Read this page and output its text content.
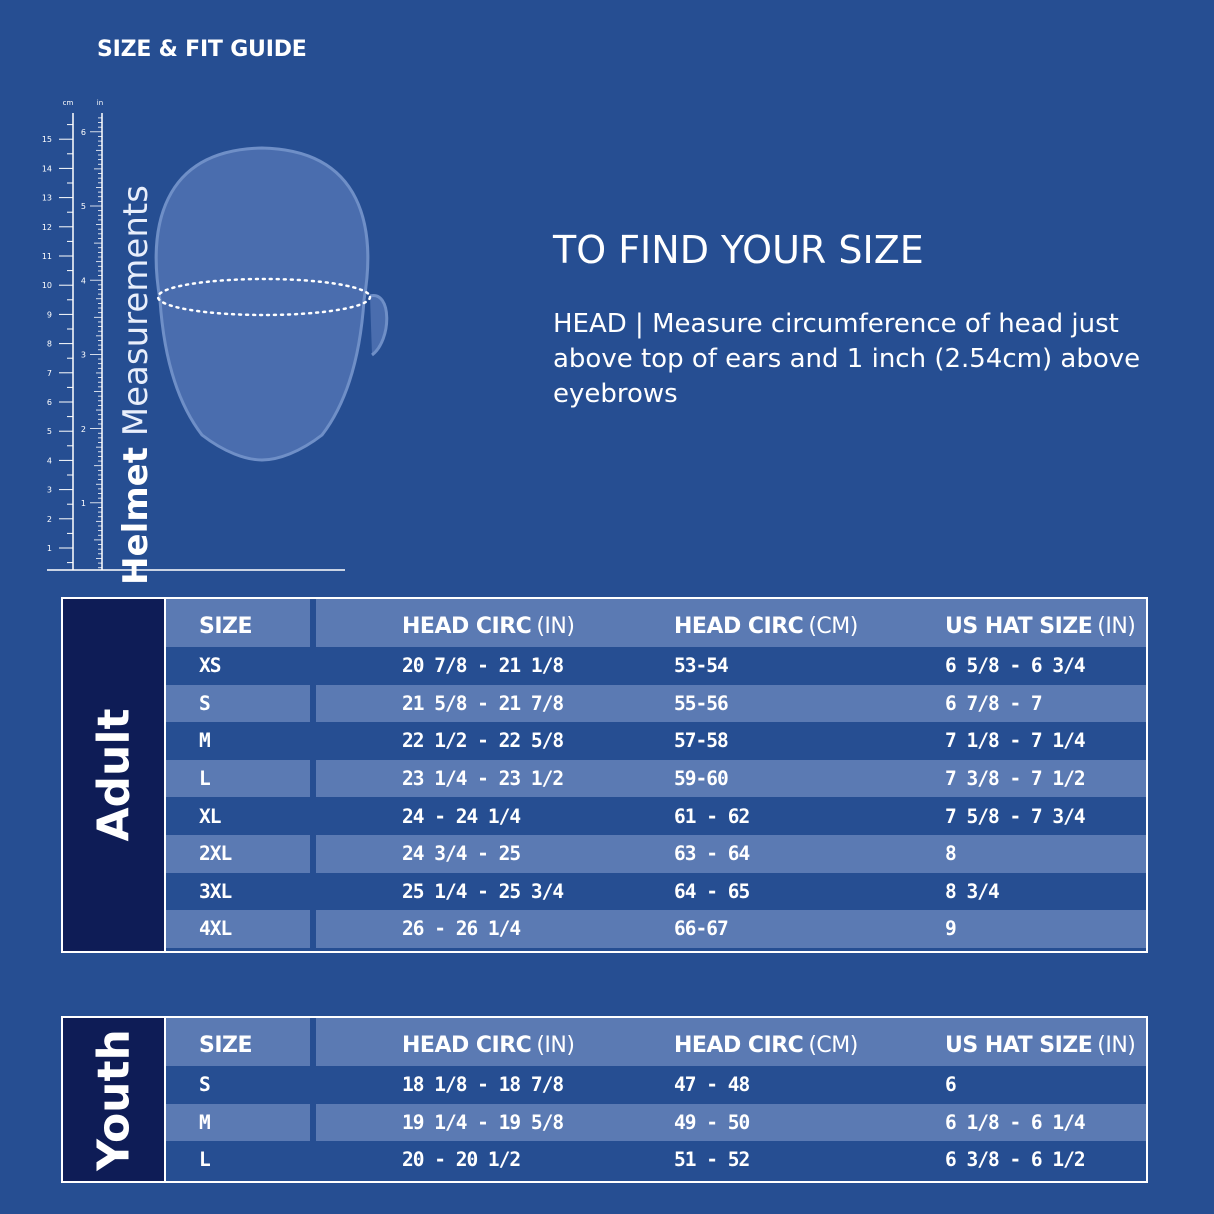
SIZE & FIT GUIDE
1
2
3
4
5
6
7
8
9
10
11
12
13
14
15
1
2
3
4
5
6
cm	in
Helmet Measurements	TO FIND YOUR SIZE
HEAD | Measure circumference of head just above top of ears and 1 inch (2.54cm) above eyebrows
Adult
SIZE	HEAD CIRC (IN)	HEAD CIRC (CM)	US HAT SIZE (IN)
XS	20 7/8 - 21 1/8	53-54	6 5/8 - 6 3/4
S	21 5/8 - 21 7/8	55-56	6 7/8 - 7
M	22 1/2 - 22 5/8	57-58	7 1/8 - 7 1/4
L	23 1/4 - 23 1/2	59-60	7 3/8 - 7 1/2
XL	24 - 24 1/4	61 - 62	7 5/8 - 7 3/4
2XL	24 3/4 - 25	63 - 64	8
3XL	25 1/4 - 25 3/4	64 - 65	8 3/4
4XL	26 - 26 1/4	66-67	9
Youth	SIZE	HEAD CIRC (IN)	HEAD CIRC (CM)	US HAT SIZE (IN)
S	18 1/8 - 18 7/8	47 - 48	6
M	19 1/4 - 19 5/8	49 - 50	6 1/8 - 6 1/4
L	20 - 20 1/2	51 - 52	6 3/8 - 6 1/2
